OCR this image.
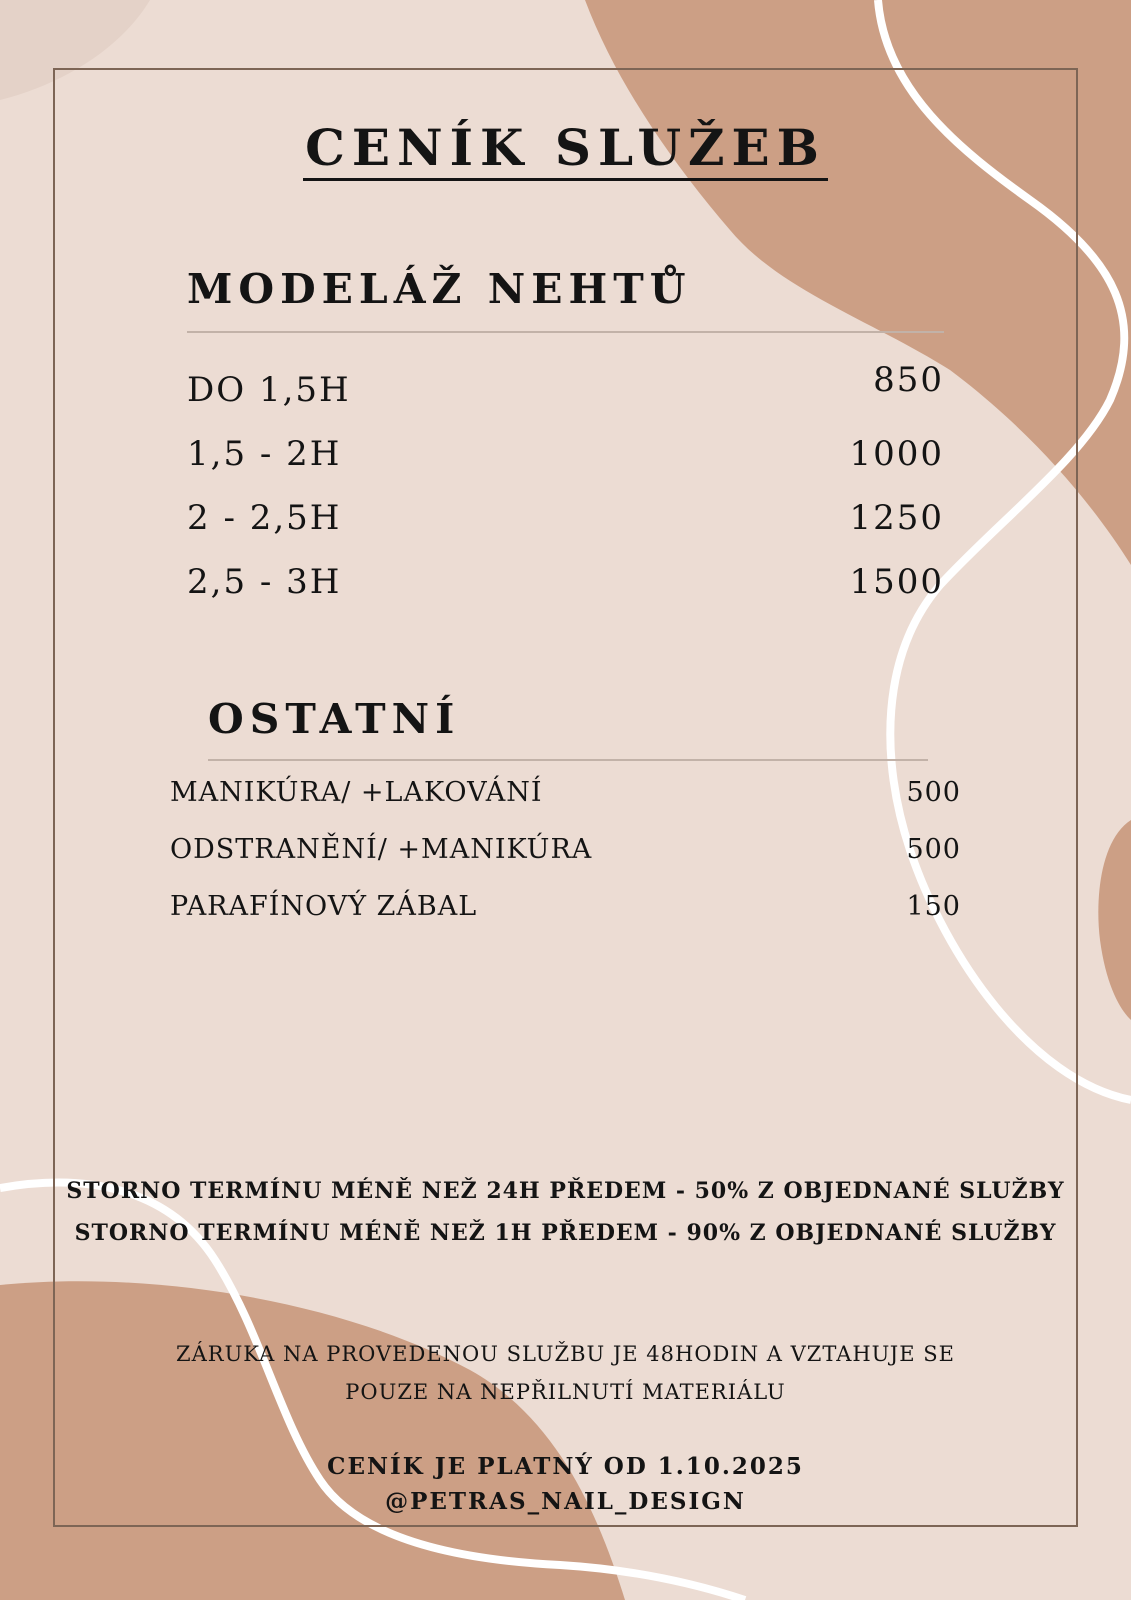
CENÍK SLUŽEB
MODELÁŽ NEHTŮ
DO 1,5H	850
1,5 - 2H	1000
2 - 2,5H	1250
2,5 - 3H	1500
OSTATNÍ
MANIKÚRA/ +LAKOVÁNÍ	500
ODSTRANĚNÍ/ +MANIKÚRA	500
PARAFÍNOVÝ ZÁBAL	150

STORNO TERMÍNU MÉNĚ NEŽ 24H PŘEDEM - 50% Z OBJEDNANÉ SLUŽBY

STORNO TERMÍNU MÉNĚ NEŽ 1H PŘEDEM - 90% Z OBJEDNANÉ SLUŽBY

ZÁRUKA NA PROVEDENOU SLUŽBU JE 48HODIN A VZTAHUJE SE

POUZE NA NEPŘILNUTÍ MATERIÁLU

CENÍK JE PLATNÝ OD 1.10.2025

@PETRAS_NAIL_DESIGN
